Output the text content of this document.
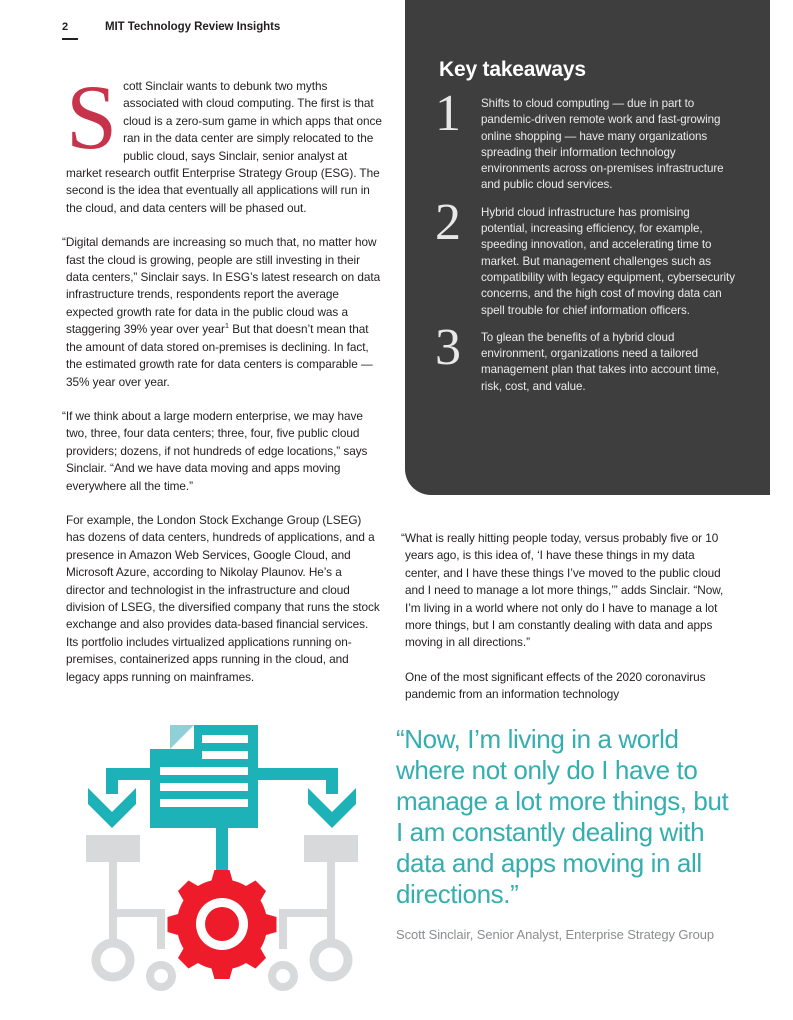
2	MIT Technology Review Insights
Key takeaways
1	Shifts to cloud computing — due in part to pandemic-driven remote work and fast-growing online shopping — have many organizations spreading their information technology environments across on-premises infrastructure and public cloud services.
2	Hybrid cloud infrastructure has promising potential, increasing efficiency, for example, speeding innovation, and accelerating time to market. But management challenges such as compatibility with legacy equipment, cybersecurity concerns, and the high cost of moving data can spell trouble for chief information officers.
3	To glean the benefits of a hybrid cloud environment, organizations need a tailored management plan that takes into account time, risk, cost, and value.

Scott Sinclair wants to debunk two myths associated with cloud computing. The first is that cloud is a zero-sum game in which apps that once ran in the data center are simply relocated to the public cloud, says Sinclair, senior analyst at market research outfit Enterprise Strategy Group (ESG). The second is the idea that eventually all applications will run in the cloud, and data centers will be phased out.

“Digital demands are increasing so much that, no matter how fast the cloud is growing, people are still investing in their data centers,” Sinclair says. In ESG’s latest research on data infrastructure trends, respondents report the average expected growth rate for data in the public cloud was a staggering 39% year over year$^1$ But that doesn’t mean that the amount of data stored on-premises is declining. In fact, the estimated growth rate for data centers is comparable — 35% year over year.

“If we think about a large modern enterprise, we may have two, three, four data centers; three, four, five public cloud providers; dozens, if not hundreds of edge locations,” says Sinclair. “And we have data moving and apps moving everywhere all the time.”

For example, the London Stock Exchange Group (LSEG) has dozens of data centers, hundreds of applications, and a presence in Amazon Web Services, Google Cloud, and Microsoft Azure, according to Nikolay Plaunov. He’s a director and technologist in the infrastructure and cloud division of LSEG, the diversified company that runs the stock exchange and also provides data-based financial services. Its portfolio includes virtualized applications running on-premises, containerized apps running in the cloud, and legacy apps running on mainframes.

“What is really hitting people today, versus probably five or 10 years ago, is this idea of, ‘I have these things in my data center, and I have these things I’ve moved to the public cloud and I need to manage a lot more things,’” adds Sinclair. “Now, I’m living in a world where not only do I have to manage a lot more things, but I am constantly dealing with data and apps moving in all directions.”

One of the most significant effects of the 2020 coronavirus pandemic from an information technology

“Now, I’m living in a world where not only do I have to manage a lot more things, but I am constantly dealing with data and apps moving in all directions.”

Scott Sinclair, Senior Analyst, Enterprise Strategy Group
